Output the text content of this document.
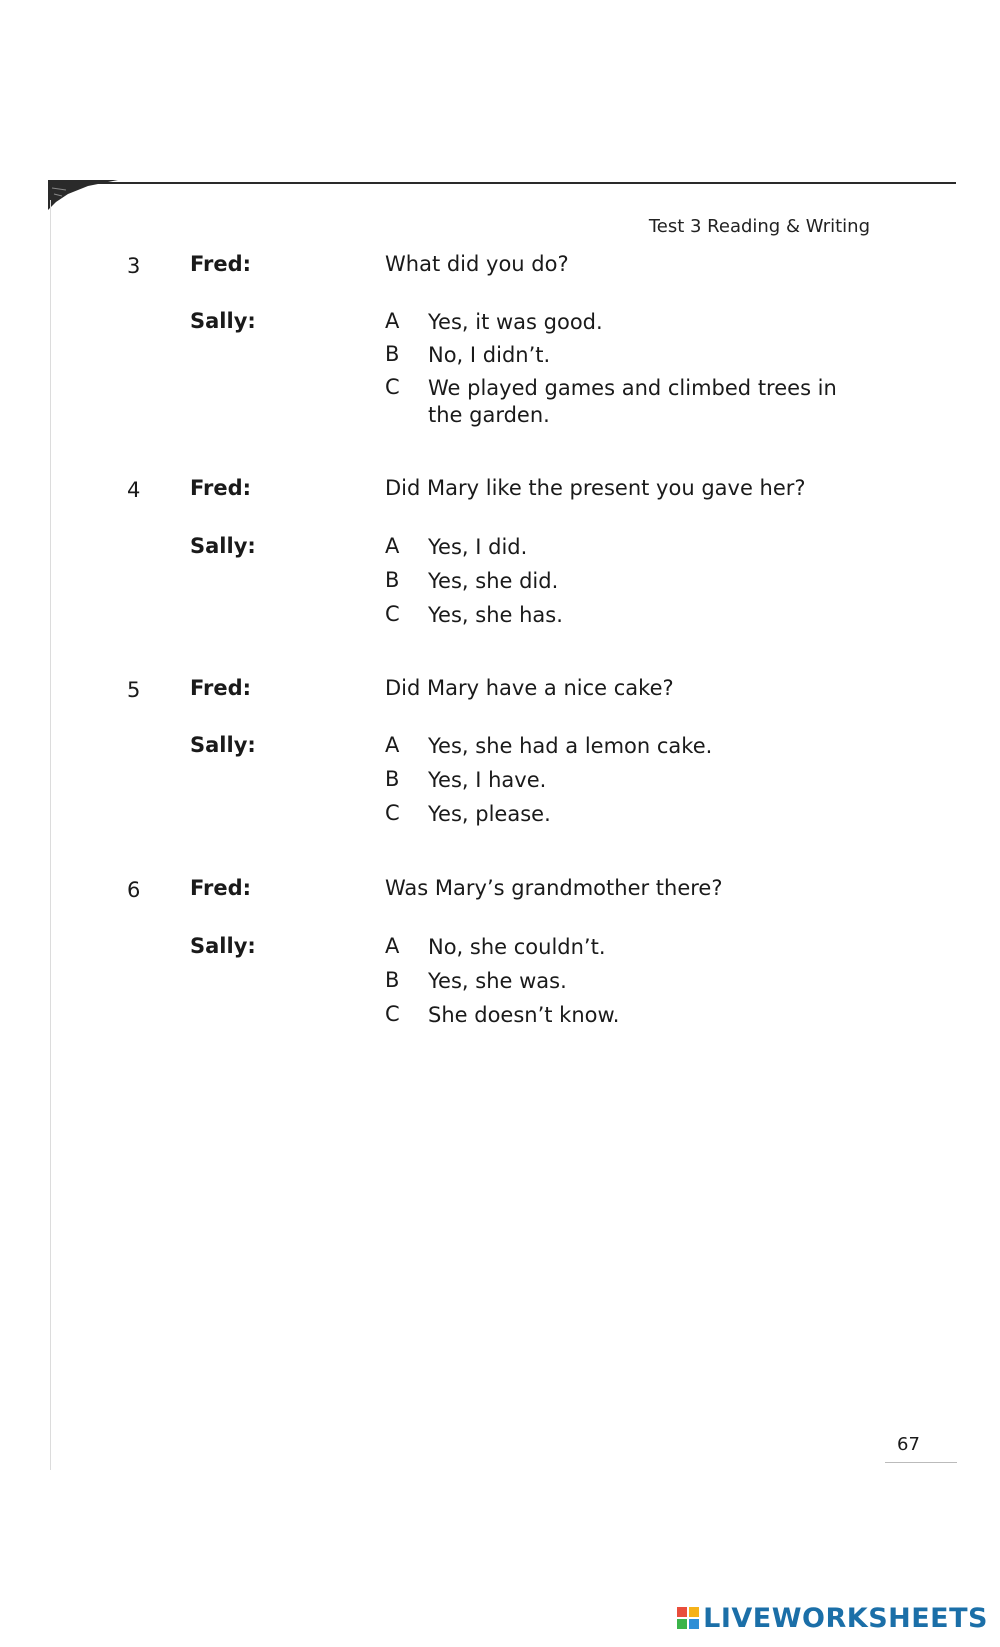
Test 3 Reading & Writing
3 Fred:	What did you do?
Sally:	A Yes, it was good.
B No, I didn’t.
C We played games and climbed trees in the garden.
4 Fred:	Did Mary like the present you gave her?
Sally:	A Yes, I did.
B Yes, she did.
C Yes, she has.
5 Fred:	Did Mary have a nice cake?
Sally:	A Yes, she had a lemon cake.
B Yes, I have.
C Yes, please.
6 Fred:	Was Mary’s grandmother there?
Sally:	A No, she couldn’t.
B Yes, she was.
C She doesn’t know.
67
LIVEWORKSHEETS
